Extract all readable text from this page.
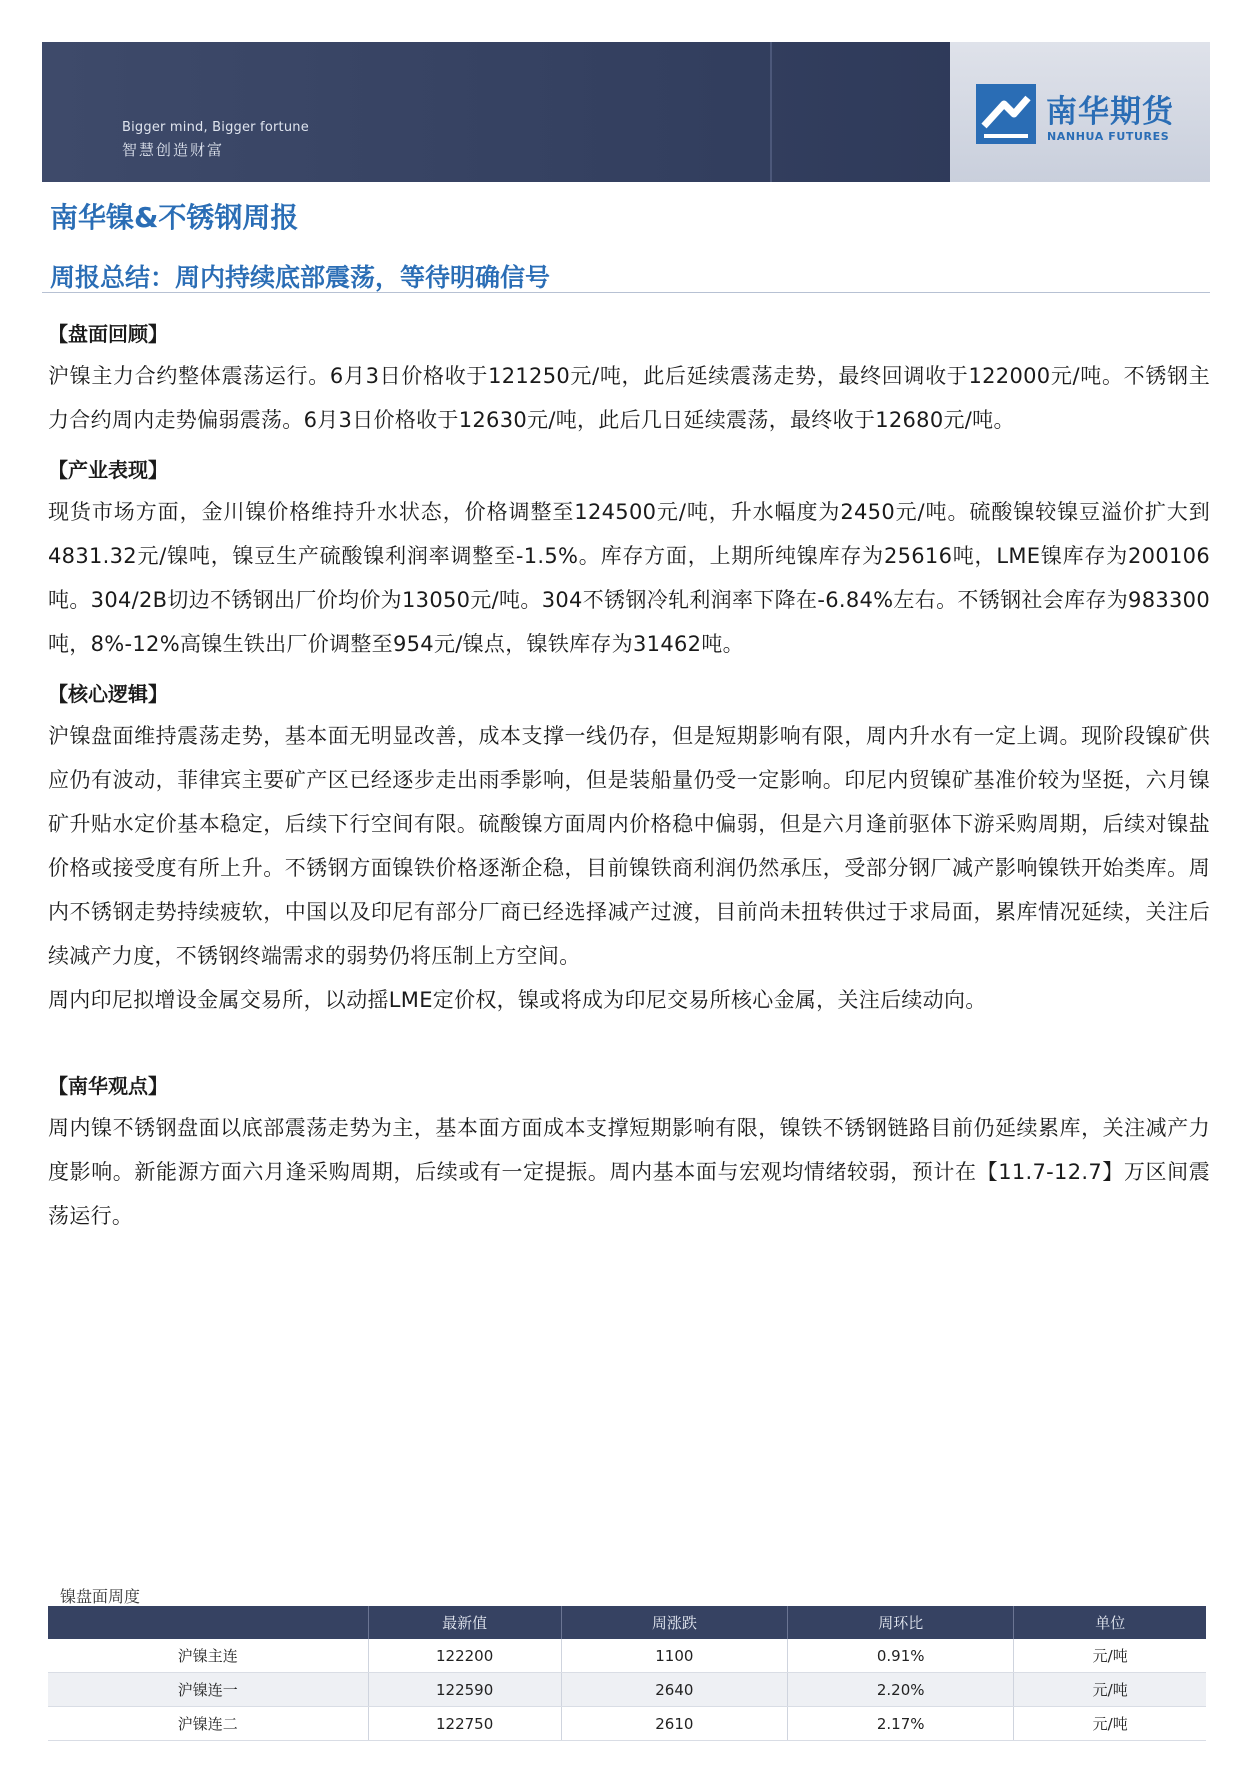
Bigger mind, Bigger fortune
智慧创造财富
南华期货
NANHUA FUTURES
南华镍&不锈钢周报
周报总结：周内持续底部震荡，等待明确信号
【盘面回顾】
沪镍主力合约整体震荡运行。6月3日价格收于121250元/吨，此后延续震荡走势，最终回调收于122000元/吨。不锈钢主力合约周内走势偏弱震荡。6月3日价格收于12630元/吨，此后几日延续震荡，最终收于12680元/吨。
【产业表现】
现货市场方面，金川镍价格维持升水状态，价格调整至124500元/吨，升水幅度为2450元/吨。硫酸镍较镍豆溢价扩大到4831.32元/镍吨，镍豆生产硫酸镍利润率调整至-1.5%。库存方面，上期所纯镍库存为25616吨，LME镍库存为200106吨。304/2B切边不锈钢出厂价均价为13050元/吨。304不锈钢冷轧利润率下降在-6.84%左右。不锈钢社会库存为983300吨，8%-12%高镍生铁出厂价调整至954元/镍点，镍铁库存为31462吨。
【核心逻辑】
沪镍盘面维持震荡走势，基本面无明显改善，成本支撑一线仍存，但是短期影响有限，周内升水有一定上调。现阶段镍矿供应仍有波动，菲律宾主要矿产区已经逐步走出雨季影响，但是装船量仍受一定影响。印尼内贸镍矿基准价较为坚挺，六月镍矿升贴水定价基本稳定，后续下行空间有限。硫酸镍方面周内价格稳中偏弱，但是六月逢前驱体下游采购周期，后续对镍盐价格或接受度有所上升。不锈钢方面镍铁价格逐渐企稳，目前镍铁商利润仍然承压，受部分钢厂减产影响镍铁开始类库。周内不锈钢走势持续疲软，中国以及印尼有部分厂商已经选择减产过渡，目前尚未扭转供过于求局面，累库情况延续，关注后续减产力度，不锈钢终端需求的弱势仍将压制上方空间。
周内印尼拟增设金属交易所，以动摇LME定价权，镍或将成为印尼交易所核心金属，关注后续动向。
【南华观点】
周内镍不锈钢盘面以底部震荡走势为主，基本面方面成本支撑短期影响有限，镍铁不锈钢链路目前仍延续累库，关注减产力度影响。新能源方面六月逢采购周期，后续或有一定提振。周内基本面与宏观均情绪较弱，预计在【11.7-12.7】万区间震荡运行。
镍盘面周度
	最新值	周涨跌	周环比	单位
沪镍主连	122200	1100	0.91%	元/吨
沪镍连一	122590	2640	2.20%	元/吨
沪镍连二	122750	2610	2.17%	元/吨
